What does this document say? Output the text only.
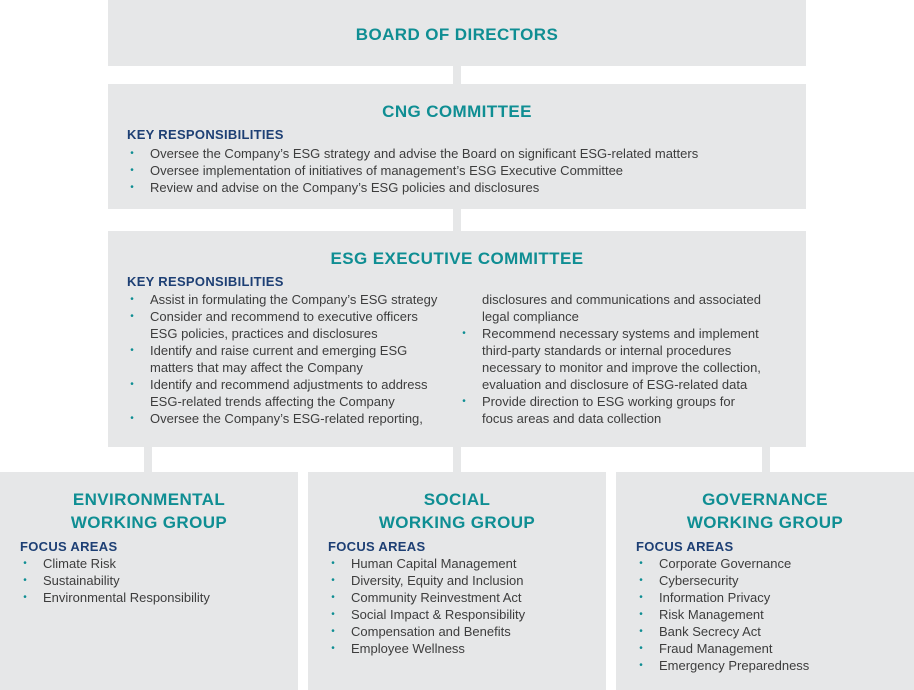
BOARD OF DIRECTORS
CNG COMMITTEE
KEY RESPONSIBILITIES
• Oversee the Company’s ESG strategy and advise the Board on significant ESG-related matters
• Oversee implementation of initiatives of management’s ESG Executive Committee
• Review and advise on the Company’s ESG policies and disclosures
ESG EXECUTIVE COMMITTEE
KEY RESPONSIBILITIES
• Assist in formulating the Company’s ESG strategy
• Consider and recommend to executive officers
ESG policies, practices and disclosures
• Identify and raise current and emerging ESG
matters that may affect the Company
• Identify and recommend adjustments to address
ESG-related trends affecting the Company
• Oversee the Company’s ESG-related reporting,
disclosures and communications and associated
legal compliance
• Recommend necessary systems and implement
third-party standards or internal procedures
necessary to monitor and improve the collection,
evaluation and disclosure of ESG-related data
• Provide direction to ESG working groups for
focus areas and data collection
ENVIRONMENTAL
WORKING GROUP
FOCUS AREAS
• Climate Risk
• Sustainability
• Environmental Responsibility
SOCIAL
WORKING GROUP
FOCUS AREAS
• Human Capital Management
• Diversity, Equity and Inclusion
• Community Reinvestment Act
• Social Impact & Responsibility
• Compensation and Benefits
• Employee Wellness
GOVERNANCE
WORKING GROUP
FOCUS AREAS
• Corporate Governance
• Cybersecurity
• Information Privacy
• Risk Management
• Bank Secrecy Act
• Fraud Management
• Emergency Preparedness
